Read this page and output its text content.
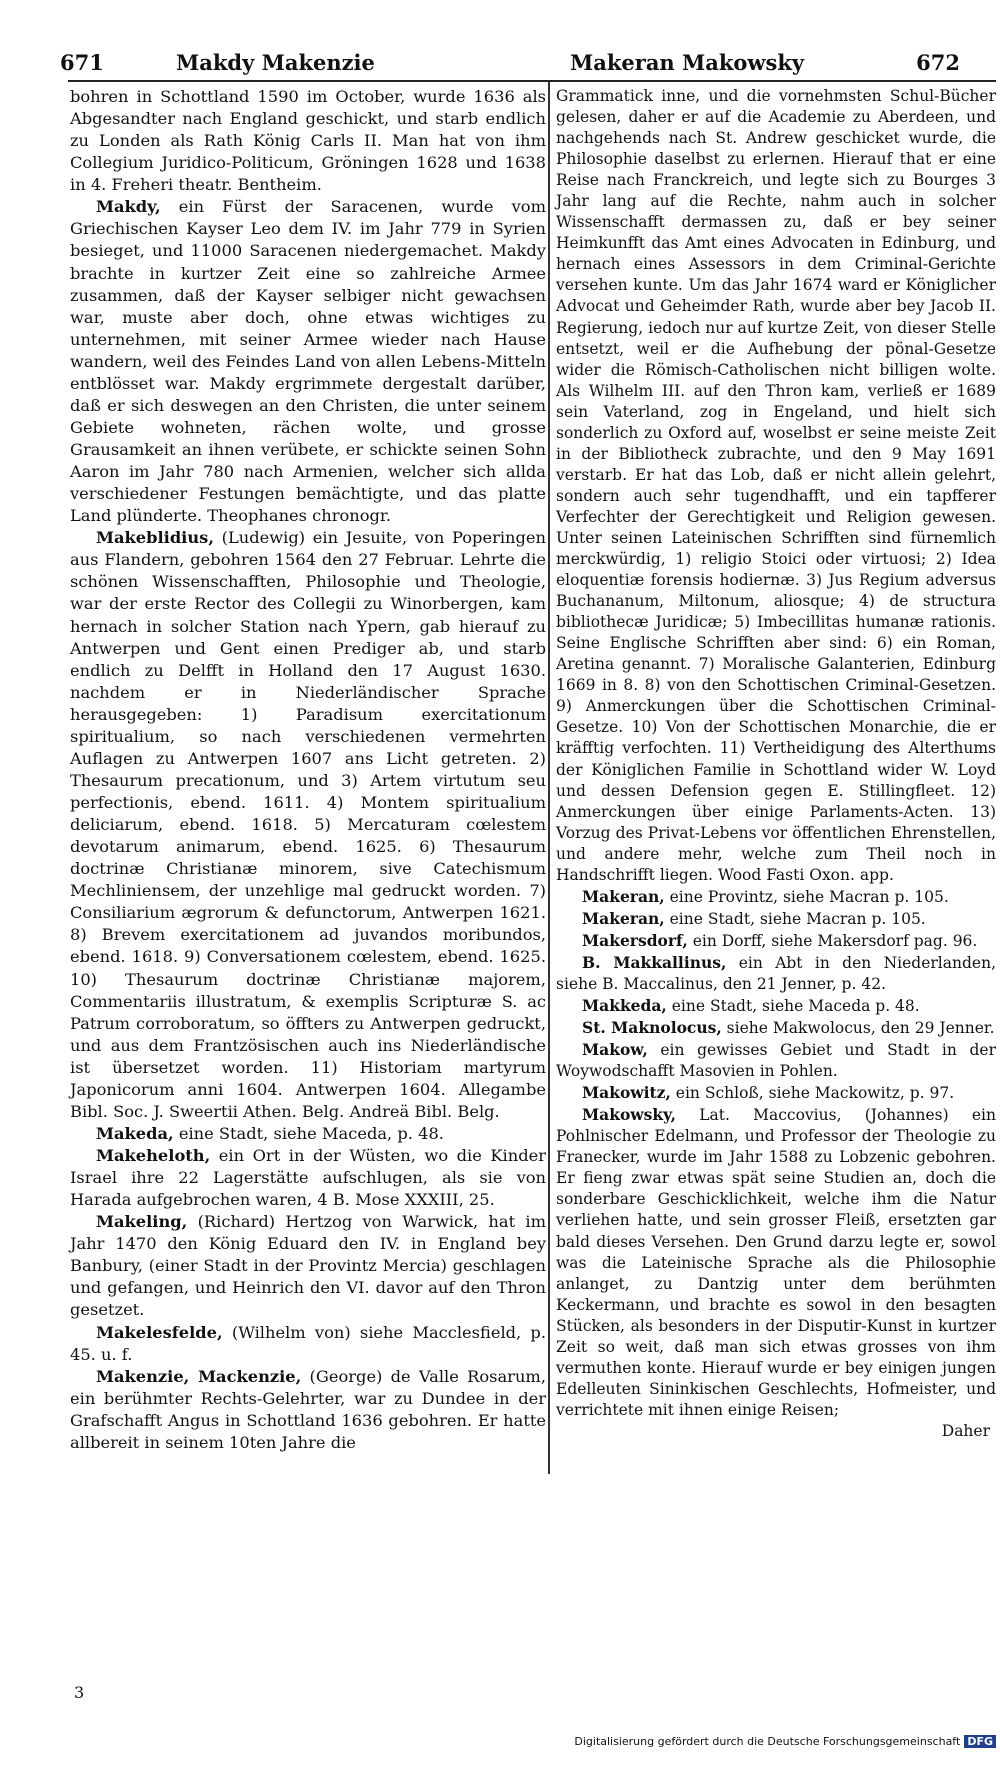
671	Makdy Makenzie	Makeran Makowsky	672

bohren in Schottland 1590 im October, wurde 1636 als Abgesandter nach England geschickt, und starb endlich zu Londen als Rath König Carls II. Man hat von ihm Collegium Juridico-Politicum, Gröningen 1628 und 1638 in 4. Freheri theatr. Bentheim.

Makdy, ein Fürst der Saracenen, wurde vom Griechischen Kayser Leo dem IV. im Jahr 779 in Syrien besieget, und 11000 Saracenen niedergemachet. Makdy brachte in kurtzer Zeit eine so zahlreiche Armee zusammen, daß der Kayser selbiger nicht gewachsen war, muste aber doch, ohne etwas wichtiges zu unternehmen, mit seiner Armee wieder nach Hause wandern, weil des Feindes Land von allen Lebens-Mitteln entblösset war. Makdy ergrimmete dergestalt darüber, daß er sich deswegen an den Christen, die unter seinem Gebiete wohneten, rächen wolte, und grosse Grausamkeit an ihnen verübete, er schickte seinen Sohn Aaron im Jahr 780 nach Armenien, welcher sich allda verschiedener Festungen bemächtigte, und das platte Land plünderte. Theophanes chronogr.

Makeblidius, (Ludewig) ein Jesuite, von Poperingen aus Flandern, gebohren 1564 den 27 Februar. Lehrte die schönen Wissenschafften, Philosophie und Theologie, war der erste Rector des Collegii zu Winorbergen, kam hernach in solcher Station nach Ypern, gab hierauf zu Antwerpen und Gent einen Prediger ab, und starb endlich zu Delfft in Holland den 17 August 1630. nachdem er in Niederländischer Sprache herausgegeben: 1) Paradisum exercitationum spiritualium, so nach verschiedenen vermehrten Auflagen zu Antwerpen 1607 ans Licht getreten. 2) Thesaurum precationum, und 3) Artem virtutum seu perfectionis, ebend. 1611. 4) Montem spiritualium deliciarum, ebend. 1618. 5) Mercaturam cœlestem devotarum animarum, ebend. 1625. 6) Thesaurum doctrinæ Christianæ minorem, sive Catechismum Mechliniensem, der unzehlige mal gedruckt worden. 7) Consiliarium ægrorum & defunctorum, Antwerpen 1621. 8) Brevem exercitationem ad juvandos moribundos, ebend. 1618. 9) Conversationem cœlestem, ebend. 1625. 10) Thesaurum doctrinæ Christianæ majorem, Commentariis illustratum, & exemplis Scripturæ S. ac Patrum corroboratum, so öffters zu Antwerpen gedruckt, und aus dem Frantzösischen auch ins Niederländische ist übersetzet worden. 11) Historiam martyrum Japonicorum anni 1604. Antwerpen 1604. Allegambe Bibl. Soc. J. Sweertii Athen. Belg. Andreä Bibl. Belg.

Makeda, eine Stadt, siehe Maceda, p. 48.

Makeheloth, ein Ort in der Wüsten, wo die Kinder Israel ihre 22 Lagerstätte aufschlugen, als sie von Harada aufgebrochen waren, 4 B. Mose XXXIII, 25.

Makeling, (Richard) Hertzog von Warwick, hat im Jahr 1470 den König Eduard den IV. in England bey Banbury, (einer Stadt in der Provintz Mercia) geschlagen und gefangen, und Heinrich den VI. davor auf den Thron gesetzet.

Makelesfelde, (Wilhelm von) siehe Macclesfield, p. 45. u. f.

Makenzie, Mackenzie, (George) de Valle Rosarum, ein berühmter Rechts-Gelehrter, war zu Dundee in der Grafschafft Angus in Schottland 1636 gebohren. Er hatte allbereit in seinem 10ten Jahre die

Grammatick inne, und die vornehmsten Schul-Bücher gelesen, daher er auf die Academie zu Aberdeen, und nachgehends nach St. Andrew geschicket wurde, die Philosophie daselbst zu erlernen. Hierauf that er eine Reise nach Franckreich, und legte sich zu Bourges 3 Jahr lang auf die Rechte, nahm auch in solcher Wissenschafft dermassen zu, daß er bey seiner Heimkunfft das Amt eines Advocaten in Edinburg, und hernach eines Assessors in dem Criminal-Gerichte versehen kunte. Um das Jahr 1674 ward er Königlicher Advocat und Geheimder Rath, wurde aber bey Jacob II. Regierung, iedoch nur auf kurtze Zeit, von dieser Stelle entsetzt, weil er die Aufhebung der pönal-Gesetze wider die Römisch-Catholischen nicht billigen wolte. Als Wilhelm III. auf den Thron kam, verließ er 1689 sein Vaterland, zog in Engeland, und hielt sich sonderlich zu Oxford auf, woselbst er seine meiste Zeit in der Bibliotheck zubrachte, und den 9 May 1691 verstarb. Er hat das Lob, daß er nicht allein gelehrt, sondern auch sehr tugendhafft, und ein tapfferer Verfechter der Gerechtigkeit und Religion gewesen. Unter seinen Lateinischen Schrifften sind fürnemlich merckwürdig, 1) religio Stoici oder virtuosi; 2) Idea eloquentiæ forensis hodiernæ. 3) Jus Regium adversus Buchananum, Miltonum, aliosque; 4) de structura bibliothecæ Juridicæ; 5) Imbecillitas humanæ rationis. Seine Englische Schrifften aber sind: 6) ein Roman, Aretina genannt. 7) Moralische Galanterien, Edinburg 1669 in 8. 8) von den Schottischen Criminal-Gesetzen. 9) Anmerckungen über die Schottischen Criminal-Gesetze. 10) Von der Schottischen Monarchie, die er kräfftig verfochten. 11) Vertheidigung des Alterthums der Königlichen Familie in Schottland wider W. Loyd und dessen Defension gegen E. Stillingfleet. 12) Anmerckungen über einige Parlaments-Acten. 13) Vorzug des Privat-Lebens vor öffentlichen Ehrenstellen, und andere mehr, welche zum Theil noch in Handschrifft liegen. Wood Fasti Oxon. app.

Makeran, eine Provintz, siehe Macran p. 105.

Makeran, eine Stadt, siehe Macran p. 105.

Makersdorf, ein Dorff, siehe Makersdorf pag. 96.

B. Makkallinus, ein Abt in den Niederlanden, siehe B. Maccalinus, den 21 Jenner, p. 42.

Makkeda, eine Stadt, siehe Maceda p. 48.

St. Maknolocus, siehe Makwolocus, den 29 Jenner.

Makow, ein gewisses Gebiet und Stadt in der Woywodschafft Masovien in Pohlen.

Makowitz, ein Schloß, siehe Mackowitz, p. 97.

Makowsky, Lat. Maccovius, (Johannes) ein Pohlnischer Edelmann, und Professor der Theologie zu Franecker, wurde im Jahr 1588 zu Lobzenic gebohren. Er fieng zwar etwas spät seine Studien an, doch die sonderbare Geschicklichkeit, welche ihm die Natur verliehen hatte, und sein grosser Fleiß, ersetzten gar bald dieses Versehen. Den Grund darzu legte er, sowol was die Lateinische Sprache als die Philosophie anlanget, zu Dantzig unter dem berühmten Keckermann, und brachte es sowol in den besagten Stücken, als besonders in der Disputir-Kunst in kurtzer Zeit so weit, daß man sich etwas grosses von ihm vermuthen konte. Hierauf wurde er bey einigen jungen Edelleuten Sininkischen Geschlechts, Hofmeister, und verrichtete mit ihnen einige Reisen;

Daher

3
Digitalisierung gefördert durch die Deutsche Forschungsgemeinschaft DFG
